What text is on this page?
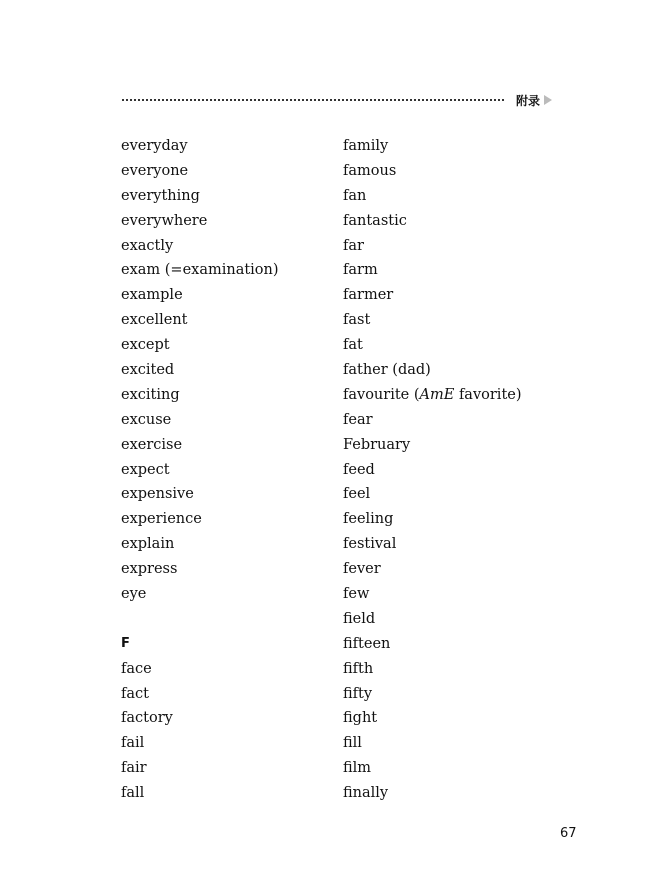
附录
everyday
everyone
everything
everywhere
exactly
exam (=examination)
example
excellent
except
excited
exciting
excuse
exercise
expect
expensive
experience
explain
express
eye
F
face
fact
factory
fail
fair
fall
family
famous
fan
fantastic
far
farm
farmer
fast
fat
father (dad)
favourite (AmE favorite)
fear
February
feed
feel
feeling
festival
fever
few
field
fifteen
fifth
fifty
fight
fill
film
finally
67
